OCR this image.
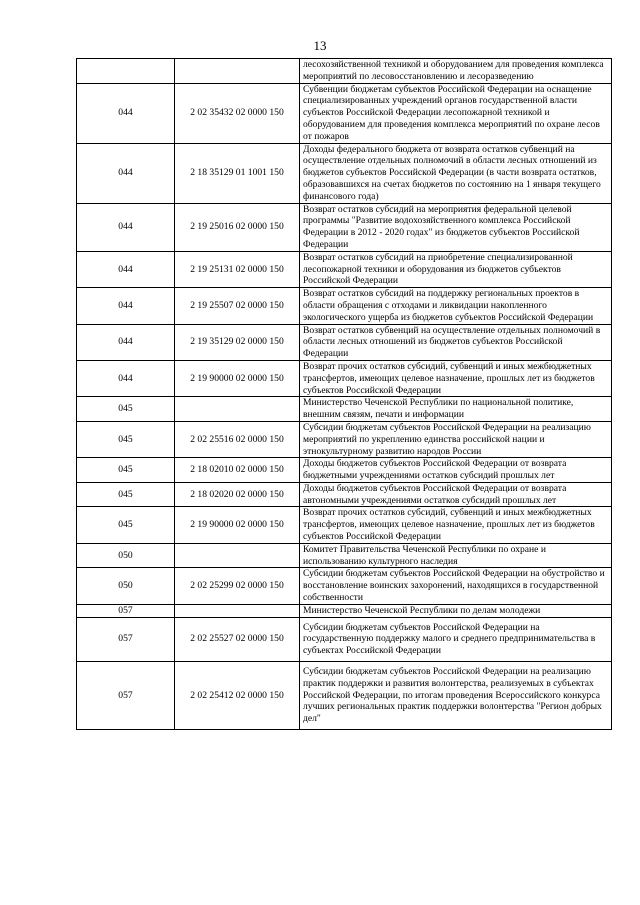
13
		лесохозяйственной техникой и оборудованием для проведения комплекса мероприятий по лесовосстановлению и лесоразведению
044	2 02 35432 02 0000 150	Субвенции бюджетам субъектов Российской Федерации на оснащение специализированных учреждений органов государственной власти субъектов Российской Федерации лесопожарной техникой и оборудованием для проведения комплекса мероприятий по охране лесов от пожаров
044	2 18 35129 01 1001 150	Доходы федерального бюджета от возврата остатков субвенций на осуществление отдельных полномочий в области лесных отношений из бюджетов субъектов Российской Федерации (в части возврата остатков, образовавшихся на счетах бюджетов по состоянию на 1 января текущего финансового года)
044	2 19 25016 02 0000 150	Возврат остатков субсидий на мероприятия федеральной целевой программы "Развитие водохозяйственного комплекса Российской Федерации в 2012 - 2020 годах" из бюджетов субъектов Российской Федерации
044	2 19 25131 02 0000 150	Возврат остатков субсидий на приобретение специализированной лесопожарной техники и оборудования из бюджетов субъектов Российской Федерации
044	2 19 25507 02 0000 150	Возврат остатков субсидий на поддержку региональных проектов в области обращения с отходами и ликвидации накопленного экологического ущерба из бюджетов субъектов Российской Федерации
044	2 19 35129 02 0000 150	Возврат остатков субвенций на осуществление отдельных полномочий в области лесных отношений из бюджетов субъектов Российской Федерации
044	2 19 90000 02 0000 150	Возврат прочих остатков субсидий, субвенций и иных межбюджетных трансфертов, имеющих целевое назначение, прошлых лет из бюджетов субъектов Российской Федерации
045		Министерство Чеченской Республики по национальной политике, внешним связям, печати и информации
045	2 02 25516 02 0000 150	Субсидии бюджетам субъектов Российской Федерации на реализацию мероприятий по укреплению единства российской нации и этнокультурному развитию народов России
045	2 18 02010 02 0000 150	Доходы бюджетов субъектов Российской Федерации от возврата бюджетными учреждениями остатков субсидий прошлых лет
045	2 18 02020 02 0000 150	Доходы бюджетов субъектов Российской Федерации от возврата автономными учреждениями остатков субсидий прошлых лет
045	2 19 90000 02 0000 150	Возврат прочих остатков субсидий, субвенций и иных межбюджетных трансфертов, имеющих целевое назначение, прошлых лет из бюджетов субъектов Российской Федерации
050		Комитет Правительства Чеченской Республики по охране и использованию культурного наследия
050	2 02 25299 02 0000 150	Субсидии бюджетам субъектов Российской Федерации на обустройство и восстановление воинских захоронений, находящихся в государственной собственности
057		Министерство Чеченской Республики по делам молодежи
057	2 02 25527 02 0000 150	Субсидии бюджетам субъектов Российской Федерации на государственную поддержку малого и среднего предпринимательства в субъектах Российской Федерации
057	2 02 25412 02 0000 150	Субсидии бюджетам субъектов Российской Федерации на реализацию практик поддержки и развития волонтерства, реализуемых в субъектах Российской Федерации, по итогам проведения Всероссийского конкурса лучших региональных практик поддержки волонтерства "Регион добрых дел"
